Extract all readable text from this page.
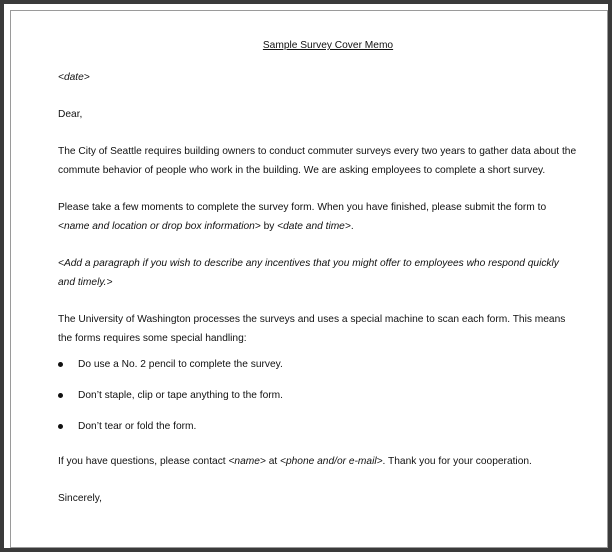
Sample Survey Cover Memo

<date>

Dear,

The City of Seattle requires building owners to conduct commuter surveys every two years to gather data about the commute behavior of people who work in the building. We are asking employees to complete a short survey.

Please take a few moments to complete the survey form. When you have finished, please submit the form to <name and location or drop box information> by <date and time>.

<Add a paragraph if you wish to describe any incentives that you might offer to employees who respond quickly and timely.>

The University of Washington processes the surveys and uses a special machine to scan each form. This means the forms requires some special handling:

Do use a No. 2 pencil to complete the survey.
Don’t staple, clip or tape anything to the form.
Don’t tear or fold the form.

If you have questions, please contact <name> at <phone and/or e-mail>. Thank you for your cooperation.

Sincerely,
